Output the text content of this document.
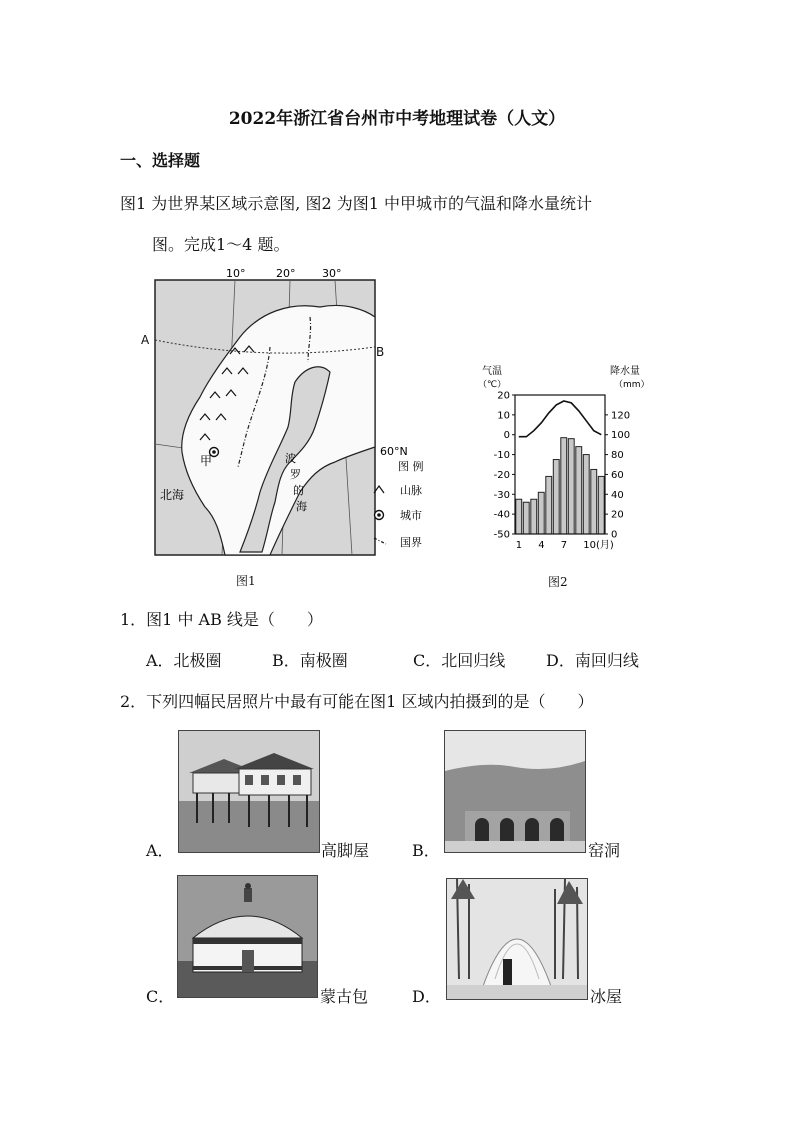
2022年浙江省台州市中考地理试卷（人文）
一、选择题
图1 为世界某区域示意图, 图2 为图1 中甲城市的气温和降水量统计
图。完成1～4 题。
10°	20° 30°
甲
北海
波
罗
的
海
60°N
A
B
图 例
山脉
城市
国界
图1
气温
（℃）
降水量
（mm）
20
10
0
-10
-20
-30
-40
-50
120
100
80
60
40
20
0
1 4 7 10(月)
图2
1．图1 中 AB 线是（　　）
A．北极圈	B．南极圈	C．北回归线	D．南回归线
2．下列四幅民居照片中最有可能在图1 区域内拍摄到的是（　　）
A．	高脚屋	B．	窑洞
C．	蒙古包	D．	冰屋
